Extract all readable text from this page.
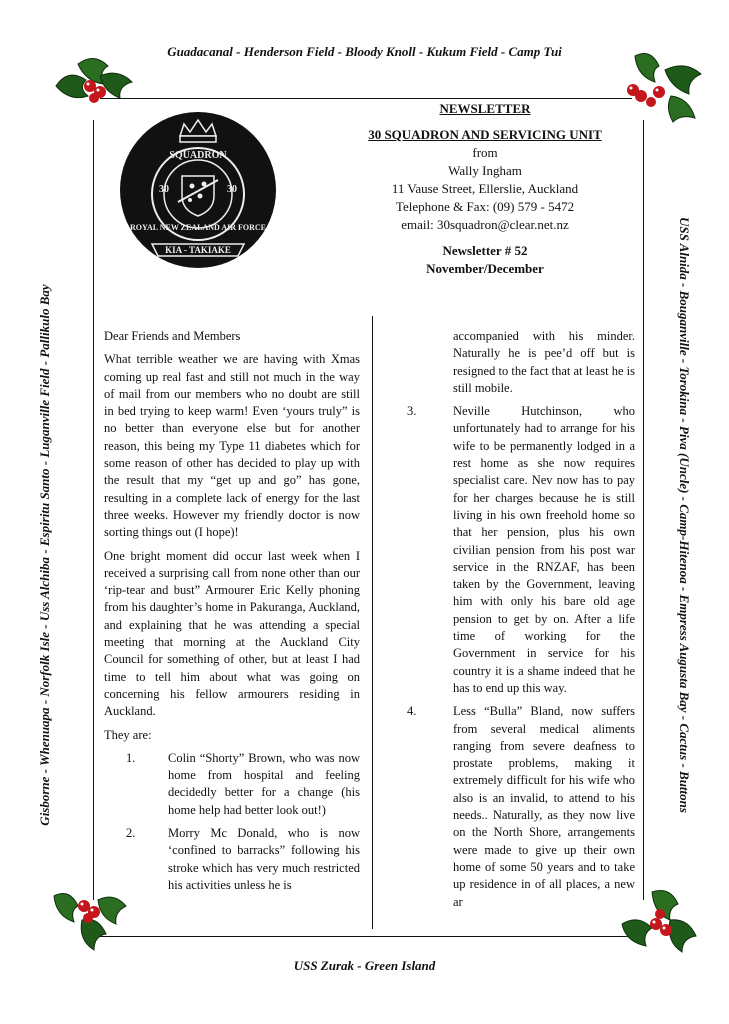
Guadacanal - Henderson Field - Bloody Knoll - Kukum Field - Camp Tui
USS Zurak - Green Island
Gisborne - Whenuapa - Norfolk Isle - Uss Alchiba - Espiritu Santo - Luganville Field - Pallikulo Bay	USS Alnida - Bouganville - Torokina - Piva (Uncle) - Camp-Hitenoa - Empress Augusta Bay - Cactus - Buttons
SQUADRON
30	30
ROYAL NEW ZEALAND AIR FORCE
KIA - TAKIAKE
NEWSLETTER
30 SQUADRON AND SERVICING UNIT
from
Wally Ingham
11 Vause Street, Ellerslie, Auckland
Telephone & Fax: (09) 579 - 5472
email: 30squadron@clear.net.nz
Newsletter # 52
November/December

Dear Friends and Members

What terrible weather we are having with Xmas coming up real fast and still not much in the way of mail from our members who no doubt are still in bed trying to keep warm! Even ‘yours truly” is no better than everyone else but for another reason, this being my Type 11 diabetes which for some reason of other has decided to play up with the result that my “get up and go” has gone, resulting in a complete lack of energy for the last three weeks. However my friendly doctor is now sorting things out (I hope)!

One bright moment did occur last week when I received a surprising call from none other than our ‘rip-tear and bust” Armourer Eric Kelly phoning from his daughter’s home in Pakuranga, Auckland, and explaining that he was attending a special meeting that morning at the Auckland City Council for something of other, but at least I had time to tell him about what was going on concerning his fellow armourers residing in Auckland.

They are:

1.	Colin “Shorty” Brown, who was now home from hospital and feeling decidedly better for a change (his home help had better look out!)

2.	Morry Mc Donald, who is now ‘confined to barracks” following his stroke which has very much restricted his activities unless he is

accompanied with his minder. Naturally he is pee’d off but is resigned to the fact that at least he is still mobile.

3.	Neville Hutchinson, who unfortunately had to arrange for his wife to be permanently lodged in a rest home as she now requires specialist care. Nev now has to pay for her charges because he is still living in his own freehold home so that her pension, plus his own civilian pension from his post war service in the RNZAF, has been taken by the Government, leaving him with only his bare old age pension to get by on. After a life time of working for the Government in service for his country it is a shame indeed that he has to end up this way.

4.	Less “Bulla” Bland, now suffers from several medical aliments ranging from severe deafness to prostate problems, making it extremely difficult for his wife who also is an invalid, to attend to his needs.. Naturally, as they now live on the North Shore, arrangements were made to give up their own home of some 50 years and to take up residence in of all places, a new ar
